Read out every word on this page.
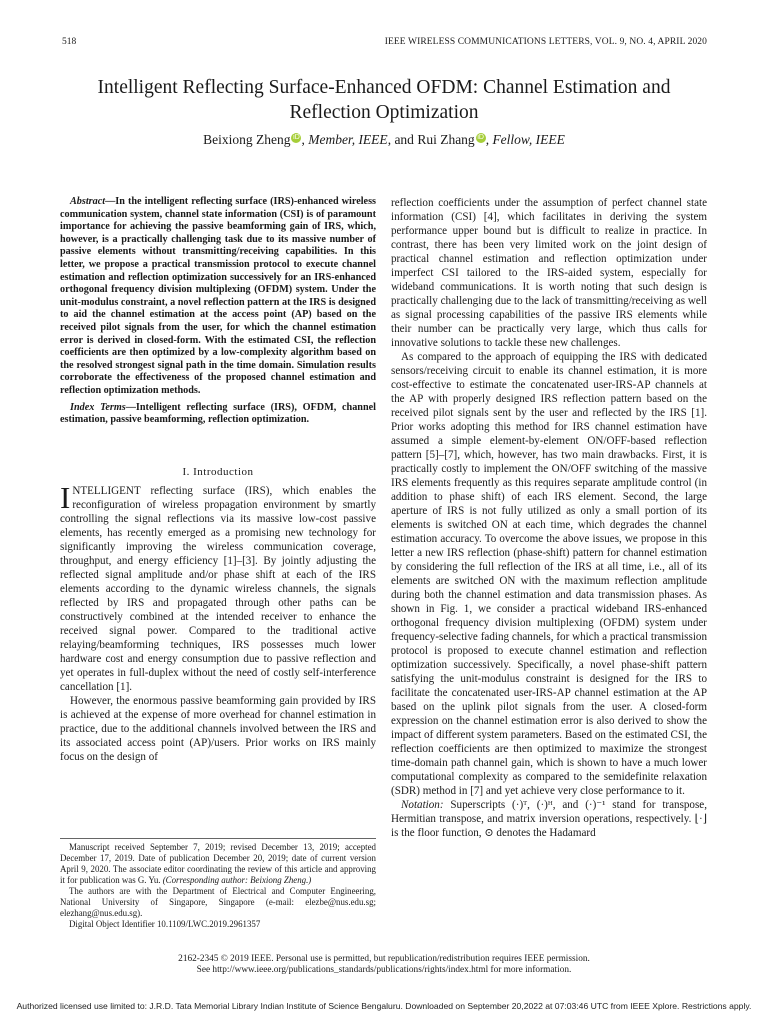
518	IEEE WIRELESS COMMUNICATIONS LETTERS, VOL. 9, NO. 4, APRIL 2020
Intelligent Reflecting Surface-Enhanced OFDM: Channel Estimation and Reflection Optimization
Beixiong Zheng iD , Member, IEEE, and Rui Zhang iD , Fellow, IEEE

Abstract—In the intelligent reflecting surface (IRS)-enhanced wireless communication system, channel state information (CSI) is of paramount importance for achieving the passive beamforming gain of IRS, which, however, is a practically challenging task due to its massive number of passive elements without transmitting/receiving capabilities. In this letter, we propose a practical transmission protocol to execute channel estimation and reflection optimization successively for an IRS-enhanced orthogonal frequency division multiplexing (OFDM) system. Under the unit-modulus constraint, a novel reflection pattern at the IRS is designed to aid the channel estimation at the access point (AP) based on the received pilot signals from the user, for which the channel estimation error is derived in closed-form. With the estimated CSI, the reflection coefficients are then optimized by a low-complexity algorithm based on the resolved strongest signal path in the time domain. Simulation results corroborate the effectiveness of the proposed channel estimation and reflection optimization methods.

Index Terms—Intelligent reflecting surface (IRS), OFDM, channel estimation, passive beamforming, reflection optimization.

I. Introduction

INTELLIGENT reflecting surface (IRS), which enables the reconfiguration of wireless propagation environment by smartly controlling the signal reflections via its massive low-cost passive elements, has recently emerged as a promising new technology for significantly improving the wireless communication coverage, throughput, and energy efficiency [1]–[3]. By jointly adjusting the reflected signal amplitude and/or phase shift at each of the IRS elements according to the dynamic wireless channels, the signals reflected by IRS and propagated through other paths can be constructively combined at the intended receiver to enhance the received signal power. Compared to the traditional active relaying/beamforming techniques, IRS possesses much lower hardware cost and energy consumption due to passive reflection and yet operates in full-duplex without the need of costly self-interference cancellation [1].

However, the enormous passive beamforming gain provided by IRS is achieved at the expense of more overhead for channel estimation in practice, due to the additional channels involved between the IRS and its associated access point (AP)/users. Prior works on IRS mainly focus on the design of

Manuscript received September 7, 2019; revised December 13, 2019; accepted December 17, 2019. Date of publication December 20, 2019; date of current version April 9, 2020. The associate editor coordinating the review of this article and approving it for publication was G. Yu. (Corresponding author: Beixiong Zheng.)

The authors are with the Department of Electrical and Computer Engineering, National University of Singapore, Singapore (e-mail: elezbe@nus.edu.sg; elezhang@nus.edu.sg).

Digital Object Identifier 10.1109/LWC.2019.2961357

reflection coefficients under the assumption of perfect channel state information (CSI) [4], which facilitates in deriving the system performance upper bound but is difficult to realize in practice. In contrast, there has been very limited work on the joint design of practical channel estimation and reflection optimization under imperfect CSI tailored to the IRS-aided system, especially for wideband communications. It is worth noting that such design is practically challenging due to the lack of transmitting/receiving as well as signal processing capabilities of the passive IRS elements while their number can be practically very large, which thus calls for innovative solutions to tackle these new challenges.

As compared to the approach of equipping the IRS with dedicated sensors/receiving circuit to enable its channel estimation, it is more cost-effective to estimate the concatenated user-IRS-AP channels at the AP with properly designed IRS reflection pattern based on the received pilot signals sent by the user and reflected by the IRS [1]. Prior works adopting this method for IRS channel estimation have assumed a simple element-by-element ON/OFF-based reflection pattern [5]–[7], which, however, has two main drawbacks. First, it is practically costly to implement the ON/OFF switching of the massive IRS elements frequently as this requires separate amplitude control (in addition to phase shift) of each IRS element. Second, the large aperture of IRS is not fully utilized as only a small portion of its elements is switched ON at each time, which degrades the channel estimation accuracy. To overcome the above issues, we propose in this letter a new IRS reflection (phase-shift) pattern for channel estimation by considering the full reflection of the IRS at all time, i.e., all of its elements are switched ON with the maximum reflection amplitude during both the channel estimation and data transmission phases. As shown in Fig. 1, we consider a practical wideband IRS-enhanced orthogonal frequency division multiplexing (OFDM) system under frequency-selective fading channels, for which a practical transmission protocol is proposed to execute channel estimation and reflection optimization successively. Specifically, a novel phase-shift pattern satisfying the unit-modulus constraint is designed for the IRS to facilitate the concatenated user-IRS-AP channel estimation at the AP based on the uplink pilot signals from the user. A closed-form expression on the channel estimation error is also derived to show the impact of different system parameters. Based on the estimated CSI, the reflection coefficients are then optimized to maximize the strongest time-domain path channel gain, which is shown to have a much lower computational complexity as compared to the semidefinite relaxation (SDR) method in [7] and yet achieve very close performance to it.

Notation: Superscripts (·)ᵀ, (·)ᴴ, and (·)⁻¹ stand for transpose, Hermitian transpose, and matrix inversion operations, respectively. ⌊·⌋ is the floor function, ⊙ denotes the Hadamard

2162-2345 © 2019 IEEE. Personal use is permitted, but republication/redistribution requires IEEE permission.
See http://www.ieee.org/publications_standards/publications/rights/index.html for more information.
Authorized licensed use limited to: J.R.D. Tata Memorial Library Indian Institute of Science Bengaluru. Downloaded on September 20,2022 at 07:03:46 UTC from IEEE Xplore. Restrictions apply.
